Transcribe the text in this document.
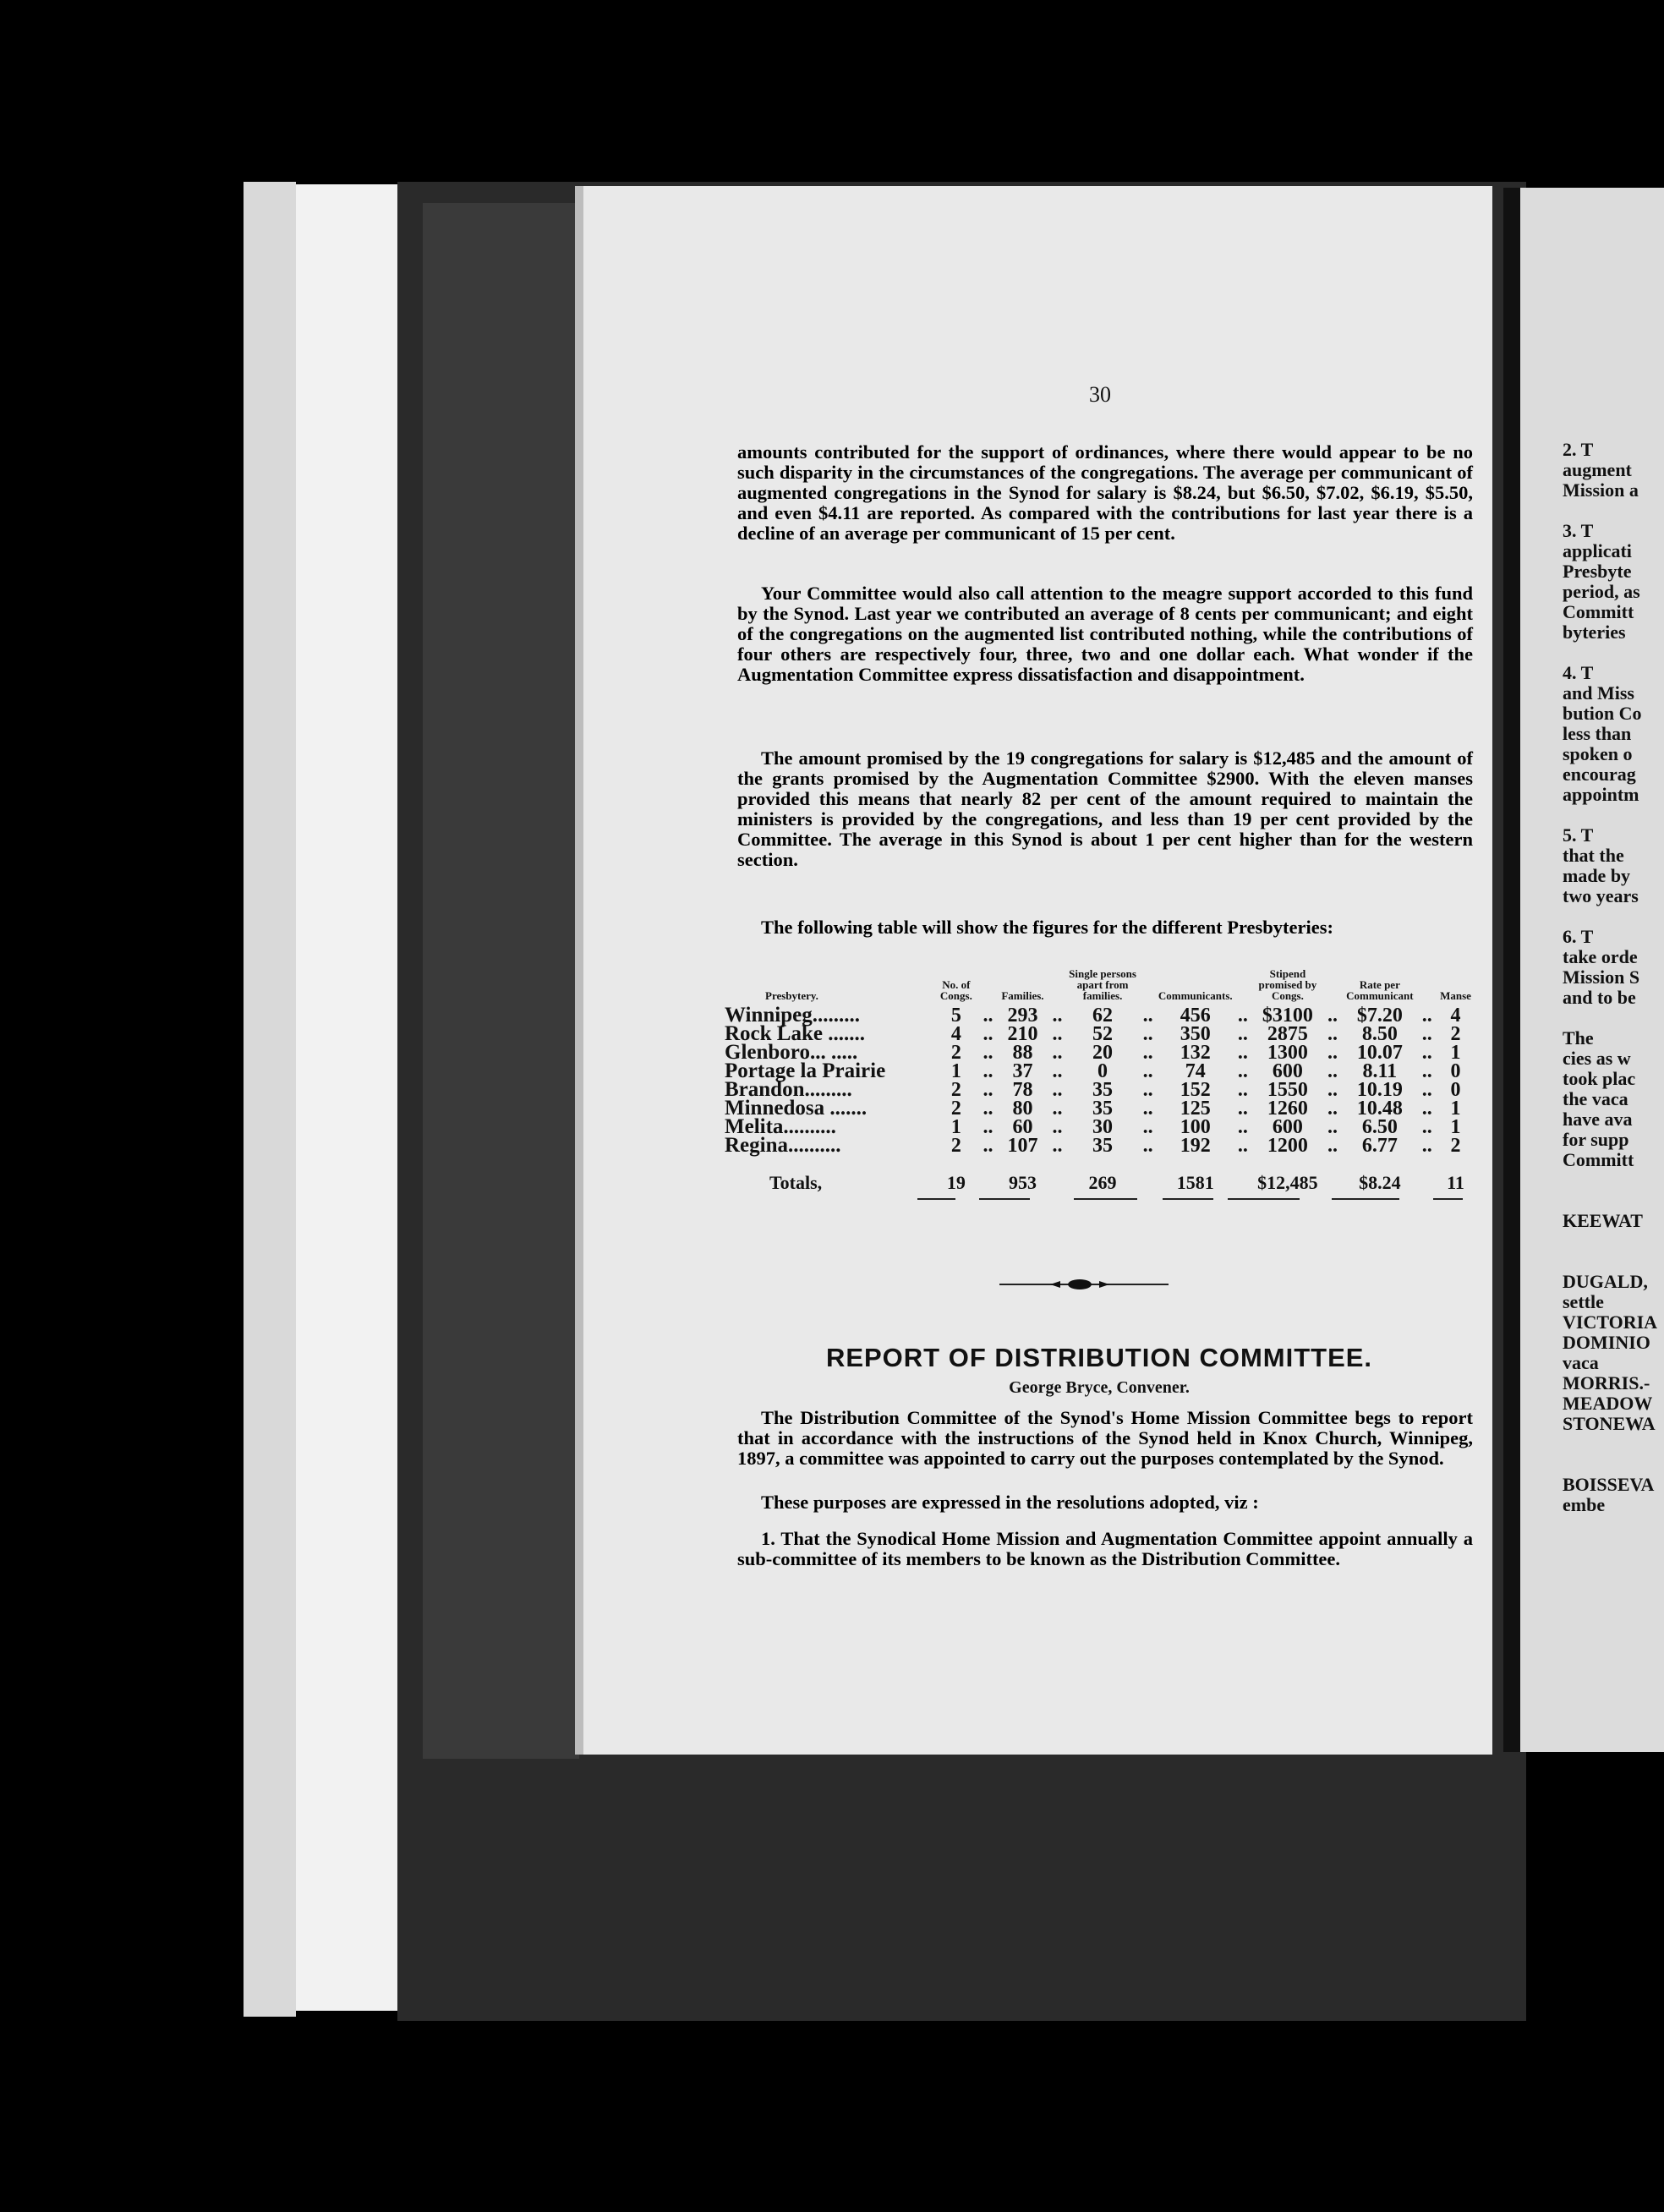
30

amounts contributed for the support of ordinances, where there would appear to be no such disparity in the circumstances of the congregations. The average per communicant of augmented congregations in the Synod for salary is $8.24, but $6.50, $7.02, $6.19, $5.50, and even $4.11 are reported. As compared with the contributions for last year there is a decline of an average per communicant of 15 per cent.

Your Committee would also call attention to the meagre support accorded to this fund by the Synod. Last year we contributed an average of 8 cents per communicant; and eight of the congregations on the augmented list contributed nothing, while the contributions of four others are respectively four, three, two and one dollar each. What wonder if the Augmentation Committee express dissatisfaction and disappointment.

The amount promised by the 19 congregations for salary is $12,485 and the amount of the grants promised by the Augmentation Committee $2900. With the eleven manses provided this means that nearly 82 per cent of the amount required to maintain the ministers is provided by the congregations, and less than 19 per cent provided by the Committee. The average in this Synod is about 1 per cent higher than for the western section.

The following table will show the figures for the different Presbyteries:

Presbytery.	No. of Congs.		Families.		Single persons apart from families.		Communicants.		Stipend promised by Congs.		Rate per Communicant		Manse
Winnipeg.........	5	..	293	..	62	..	456	..	$3100	..	$7.20	..	4
Rock Lake .......	4	..	210	..	52	..	350	..	2875	..	8.50	..	2
Glenboro... .....	2	..	88	..	20	..	132	..	1300	..	10.07	..	1
Portage la Prairie	1	..	37	..	0	..	74	..	600	..	8.11	..	0
Brandon.........	2	..	78	..	35	..	152	..	1550	..	10.19	..	0
Minnedosa .......	2	..	80	..	35	..	125	..	1260	..	10.48	..	1
Melita..........	1	..	60	..	30	..	100	..	600	..	6.50	..	1
Regina..........	2	..	107	..	35	..	192	..	1200	..	6.77	..	2
Totals,	19		953		269		1581		$12,485		$8.24		11
REPORT OF DISTRIBUTION COMMITTEE.
George Bryce, Convener.

The Distribution Committee of the Synod's Home Mission Committee begs to report that in accordance with the instructions of the Synod held in Knox Church, Winnipeg, 1897, a committee was appointed to carry out the purposes contemplated by the Synod.

These purposes are expressed in the resolutions adopted, viz :

1. That the Synodical Home Mission and Augmentation Committee appoint annually a sub-committee of its members to be known as the Distribution Committee.

2. T
augment
Mission a

3. T
applicati
Presbyte
period, as
Committ
byteries

4. T
and Miss
bution Co
less than
spoken o
encourag
appointm

5. T
that the
made by
two years

6. T
take orde
Mission S
and to be

The
cies as w
took plac
the vaca
have ava
for supp
Committ

KEEWAT

DUGALD,
settle
VICTORIA
DOMINIO
vaca
MORRIS.-
MEADOW
STONEWA

BOISSEVA
embe
